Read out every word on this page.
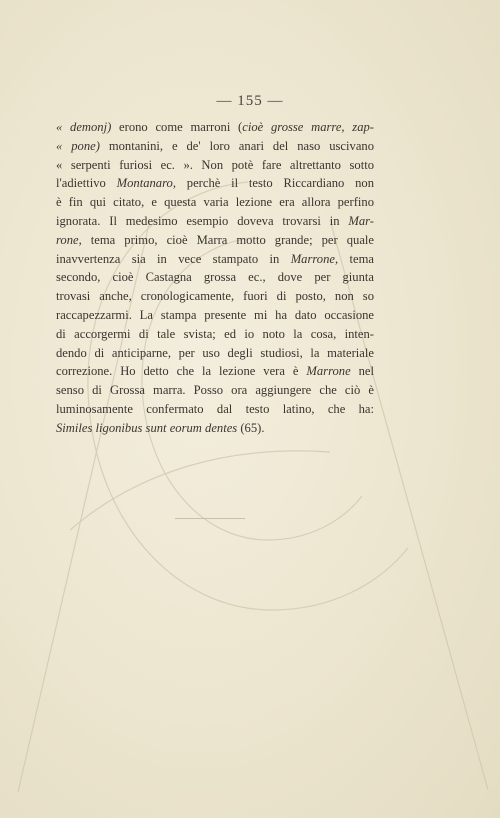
— 155 —
« demonj) erono come marroni (cioè grosse marre, zap-
« pone) montanini, e de' loro anari del naso uscivano
« serpenti furiosi ec. ». Non potè fare altrettanto sotto
l'adiettivo Montanaro, perchè il testo Riccardiano non
è fin qui citato, e questa varia lezione era allora perfino
ignorata. Il medesimo esempio doveva trovarsi in Mar-
rone, tema primo, cioè Marra motto grande; per quale
inavvertenza sia in vece stampato in Marrone, tema
secondo, cioè Castagna grossa ec., dove per giunta
trovasi anche, cronologicamente, fuori di posto, non so
raccapezzarmi. La stampa presente mi ha dato occasione
di accorgermi di tale svista; ed io noto la cosa, inten-
dendo di anticiparne, per uso degli studiosi, la materiale
correzione. Ho detto che la lezione vera è Marrone nel
senso di Grossa marra. Posso ora aggiungere che ciò è
luminosamente confermato dal testo latino, che ha:
Similes ligonibus sunt eorum dentes (65).
